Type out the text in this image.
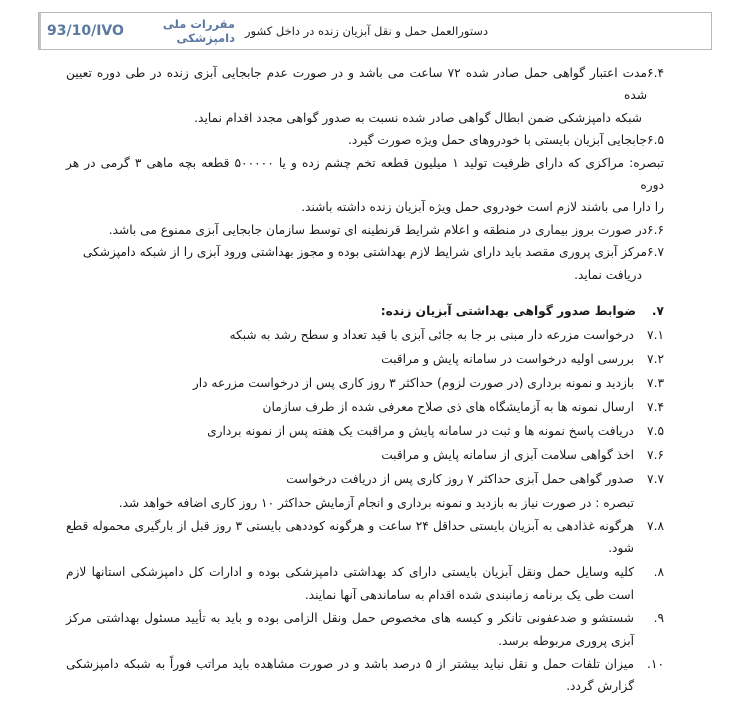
مقررات ملی دامپزشکی
93/10/IVO	دستورالعمل حمل و نقل آبزیان زنده در داخل کشور

۶.۴
مدت اعتبار گواهی حمل صادر شده ۷۲ ساعت می باشد و در صورت عدم جابجایی آبزی زنده در طی دوره تعیین شده

شبکه دامپزشکی ضمن ابطال گواهی صادر شده نسبت به صدور گواهی مجدد اقدام نماید.

۶.۵
جابجایی آبزیان بایستی با خودروهای حمل ویژه صورت گیرد.

تبصره: مراکزی که دارای ظرفیت تولید ۱ میلیون قطعه تخم چشم زده و یا ۵۰۰۰۰۰ قطعه بچه ماهی ۳ گرمی در هر دوره

را دارا می باشند لازم است خودروی حمل ویژه آبزیان زنده داشته باشند.

۶.۶
در صورت بروز بیماری در منطقه و اعلام شرایط قرنطینه ای توسط سازمان جابجایی آبزی ممنوع می باشد.

۶.۷
مرکز آبزی پروری مقصد باید دارای شرایط لازم بهداشتی بوده و مجوز بهداشتی ورود آبزی را از شبکه دامپزشکی

دریافت نماید.

۷.ضوابط صدور گواهی بهداشتی آبزیان زنده:

۷.۱
درخواست مزرعه دار مبنی بر جا به جائی آبزی با قید تعداد و سطح رشد به شبکه
۷.۲
بررسی اولیه درخواست در سامانه پایش و مراقبت
۷.۳
بازدید و نمونه برداری (در صورت لزوم) حداکثر ۳ روز کاری پس از درخواست مزرعه دار
۷.۴
ارسال نمونه ها به آزمایشگاه های ذی صلاح معرفی شده از طرف سازمان
۷.۵
دریافت پاسخ نمونه ها و ثبت در سامانه پایش و مراقبت یک هفته پس از نمونه برداری
۷.۶
اخذ گواهی سلامت آبزی از سامانه پایش و مراقبت
۷.۷
صدور گواهی حمل آبزی حداکثر ۷ روز کاری پس از دریافت درخواست

تبصره : در صورت نیاز به بازدید و نمونه برداری و انجام آزمایش حداکثر ۱۰ روز کاری اضافه خواهد شد.

۷.۸
هرگونه غذادهی به آبزیان بایستی حداقل ۲۴ ساعت و هرگونه کوددهی بایستی ۳ روز قبل از بارگیری محموله قطع شود.
۸.
کلیه وسایل حمل ونقل آبزیان بایستی دارای کد بهداشتی دامپزشکی بوده و ادارات کل دامپزشکی استانها لازم است طی یک برنامه زمانبندی شده اقدام به ساماندهی آنها نمایند.
۹.
شستشو و ضدعفونی تانکر و کیسه های مخصوص حمل ونقل الزامی بوده و باید به تأیید مسئول بهداشتی مرکز آبزی پروری مربوطه برسد.
۱۰.
میزان تلفات حمل و نقل نباید بیشتر از ۵ درصد باشد و در صورت مشاهده باید مراتب فوراً به شبکه دامپزشکی گزارش گردد.
